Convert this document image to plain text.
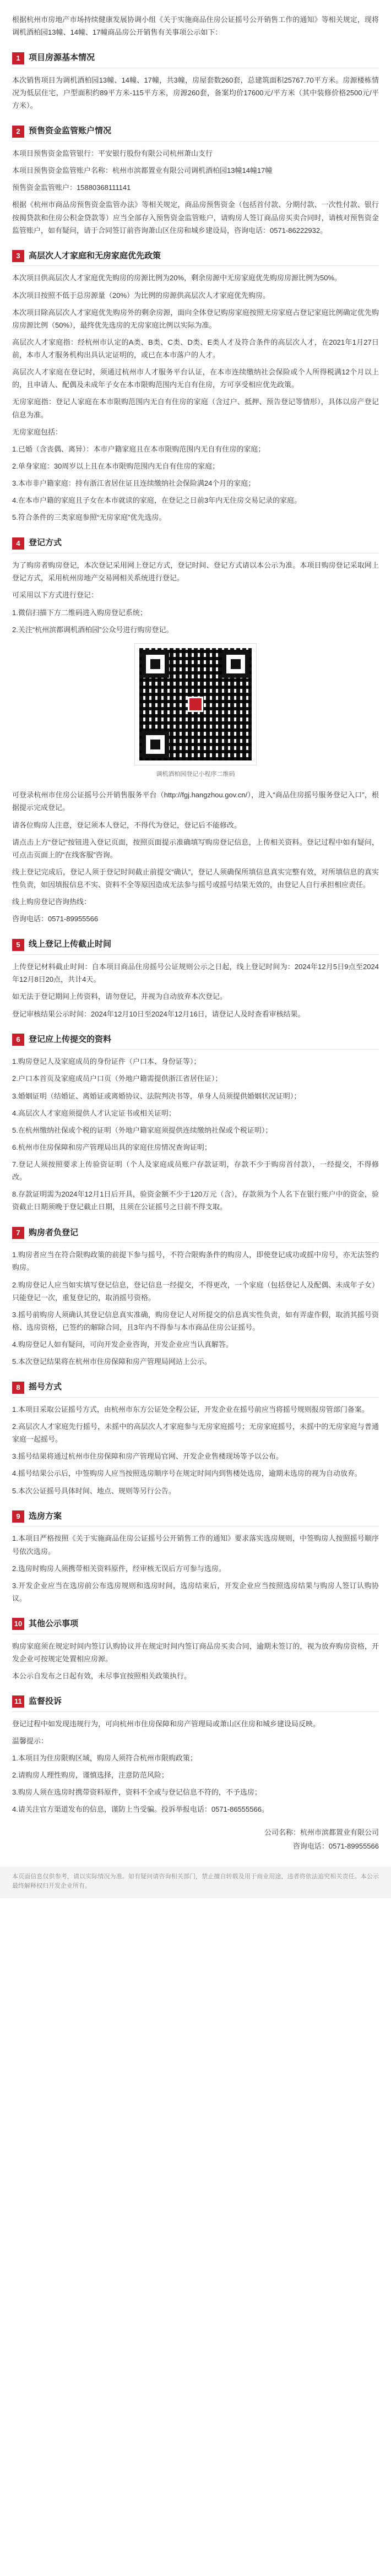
根据杭州市房地产市场持续健康发展协调小组《关于实施商品住房公证摇号公开销售工作的通知》等相关规定，现将调机酒柏园13幢、14幢、17幢商品房公开销售有关事项公示如下：

1	项目房源基本情况

本次销售项目为调机酒柏园13幢、14幢、17幢，共3幢，房屋套数260套，总建筑面积25767.70平方米。房源楼栋情况为低层住宅，户型面积约89平方米-115平方米，房源260套，备案均价17600元/平方米（其中装修价格2500元/平方米）。

2	预售资金监管账户情况

本项目预售资金监管银行：平安银行股份有限公司杭州萧山支行

本项目预售资金监管账户名称：杭州市滨都置业有限公司调机酒柏园13幢14幢17幢

预售资金监管账户：15880368111141

根据《杭州市商品房预售资金监管办法》等相关规定，商品房预售资金（包括首付款、分期付款、一次性付款、银行按揭贷款和住房公积金贷款等）应当全部存入预售资金监管账户，请购房人签订商品房买卖合同时，请核对预售资金监管账户，如有疑问，请于合同签订前咨询萧山区住房和城乡建设局，咨询电话：0571-86222932。

3	高层次人才家庭和无房家庭优先政策

本次项目供高层次人才家庭优先购房的房源比例为20%，剩余房源中无房家庭优先购房房源比例为50%。

本次项目按照不低于总房源量（20%）为比例的房源供高层次人才家庭优先购房。

本次项目除高层次人才家庭优先购房外的剩余房源，面向全体登记购房家庭按照无房家庭占登记家庭比例确定优先购房房源比例（50%），最终优先选房的无房家庭比例以实际为准。

高层次人才家庭指：经杭州市认定的A类、B类、C类、D类、E类人才及符合条件的高层次人才，在2021年1月27日前，本市人才服务机构出具认定证明的，或已在本市落户的人才。

高层次人才家庭在登记时，须通过杭州市人才服务平台认证，在本市连续缴纳社会保险或个人所得税满12个月以上的，且申请人、配偶及未成年子女在本市限购范围内无自有住房，方可享受相应优先政策。

无房家庭指：登记人家庭在本市限购范围内无自有住房的家庭（含过户、抵押、预告登记等情形），具体以房产登记信息为准。

无房家庭包括：

1.已婚（含丧偶、离异）：本市户籍家庭且在本市限购范围内无自有住房的家庭；

2.单身家庭：30周岁以上且在本市限购范围内无自有住房的家庭；

3.本市非户籍家庭：持有浙江省居住证且连续缴纳社会保险满24个月的家庭；

4.在本市户籍的家庭且子女在本市就读的家庭，在登记之日前3年内无住房交易记录的家庭。

5.符合条件的三类家庭参照“无房家庭”优先选房。

4	登记方式

为了购房者购房登记，本次登记采用网上登记方式，登记时间、登记方式请以本公示为准。本项目购房登记采取网上登记方式，采用杭州房地产交易网相关系统进行登记。

可采用以下方式进行登记：

1.微信扫描下方二维码进入购房登记系统；

2.关注“杭州滨都调机酒柏园”公众号进行购房登记。

调机酒柏园登记小程序二维码

可登录杭州市住房公证摇号公开销售服务平台（http://fgj.hangzhou.gov.cn/），进入“商品住房摇号服务登记入口”，根据提示完成登记。

请各位购房人注意，登记须本人登记，不得代为登记，登记后不能修改。

请点击上方“登记”按钮进入登记页面，按照页面提示准确填写购房登记信息，上传相关资料。登记过程中如有疑问，可点击页面上的“在线客服”咨询。

线上登记完成后，登记人须于登记时间截止前提交“确认”，登记人须确保所填信息真实完整有效，对所填信息的真实性负责，如因填报信息不实、资料不全等原因造成无法参与摇号或摇号结果无效的，由登记人自行承担相应责任。

线上购房登记咨询热线：

咨询电话：0571-89955566

5	线上登记上传截止时间

上传登记材料截止时间：自本项目商品住房摇号公证规则公示之日起，线上登记时间为：2024年12月5日9点至2024年12月8日20点，共计4天。

如无法于登记期间上传资料，请勿登记，并视为自动放弃本次登记。

登记审核结果公示时间：2024年12月10日至2024年12月16日，请登记人及时查看审核结果。

6	登记应上传提交的资料

1.购房登记人及家庭成员的身份证件（户口本、身份证等）；

2.户口本首页及家庭成员户口页（外地户籍需提供浙江省居住证）；

3.婚姻证明（结婚证、离婚证或离婚协议、法院判决书等，单身人员须提供婚姻状况证明）；

4.高层次人才家庭须提供人才认定证书或相关证明；

5.在杭州缴纳社保或个税的证明（外地户籍家庭须提供连续缴纳社保或个税证明）；

6.杭州市住房保障和房产管理局出具的家庭住房情况查询证明；

7.登记人须按照要求上传验资证明（个人及家庭成员账户存款证明，存款不少于购房首付款），一经提交，不得修改。

8.存款证明需为2024年12月1日后开具，验资金额不少于120万元（含），存款须为个人名下在银行账户中的资金，验资截止日期须晚于登记截止日期，且须在公证摇号之日前不得支取。

7	购房者负登记

1.购房者应当在符合限购政策的前提下参与摇号，不符合限购条件的购房人，即使登记成功或摇中房号，亦无法签约购房。

2.购房登记人应当如实填写登记信息，登记信息一经提交，不得更改，一个家庭（包括登记人及配偶、未成年子女）只能登记一次，重复登记的，取消摇号资格。

3.摇号前购房人须确认其登记信息真实准确，购房登记人对所提交的信息真实性负责，如有弄虚作假，取消其摇号资格、选房资格，已签约的解除合同，且3年内不得参与本市商品住房公证摇号。

4.购房登记人如有疑问，可向开发企业咨询，开发企业应当认真解答。

5.本次登记结果将在杭州市住房保障和房产管理局网站上公示。

8	摇号方式

1.本项目采取公证摇号方式，由杭州市东方公证处全程公证，开发企业在摇号前应当将摇号规则报房管部门备案。

2.高层次人才家庭先行摇号，未摇中的高层次人才家庭参与无房家庭摇号；无房家庭摇号，未摇中的无房家庭与普通家庭一起摇号。

3.摇号结果将通过杭州市住房保障和房产管理局官网、开发企业售楼现场等予以公布。

4.摇号结果公示后，中签购房人应当按照选房顺序号在规定时间内到售楼处选房，逾期未选房的视为自动放弃。

5.本次公证摇号具体时间、地点、规则等另行公告。

9	选房方案

1.本项目严格按照《关于实施商品住房公证摇号公开销售工作的通知》要求落实选房规则，中签购房人按照摇号顺序号依次选房。

2.选房时购房人须携带相关资料原件，经审核无误后方可参与选房。

3.开发企业应当在选房前公布选房规则和选房时间，选房结束后，开发企业应当按照选房结果与购房人签订认购协议。

10 其他公示事项

购房家庭须在规定时间内签订认购协议并在规定时间内签订商品房买卖合同，逾期未签订的，视为放弃购房资格，开发企业可按规定处置相应房源。

本公示自发布之日起有效，未尽事宜按照相关政策执行。

11 监督投诉

登记过程中如发现违规行为，可向杭州市住房保障和房产管理局或萧山区住房和城乡建设局反映。

温馨提示：

1.本项目为住房限购区域，购房人须符合杭州市限购政策；

2.请购房人理性购房，谨慎选择，注意防范风险；

3.购房人须在选房时携带资料原件，资料不全或与登记信息不符的，不予选房；

4.请关注官方渠道发布的信息，谨防上当受骗。投诉举报电话：0571-86555566。

公司名称：杭州市滨都置业有限公司

咨询电话：0571-89955566

本页面信息仅供参考，请以实际情况为准。如有疑问请咨询相关部门，禁止擅自转载及用于商业用途，违者将依法追究相关责任。本公示最终解释权归开发企业所有。
